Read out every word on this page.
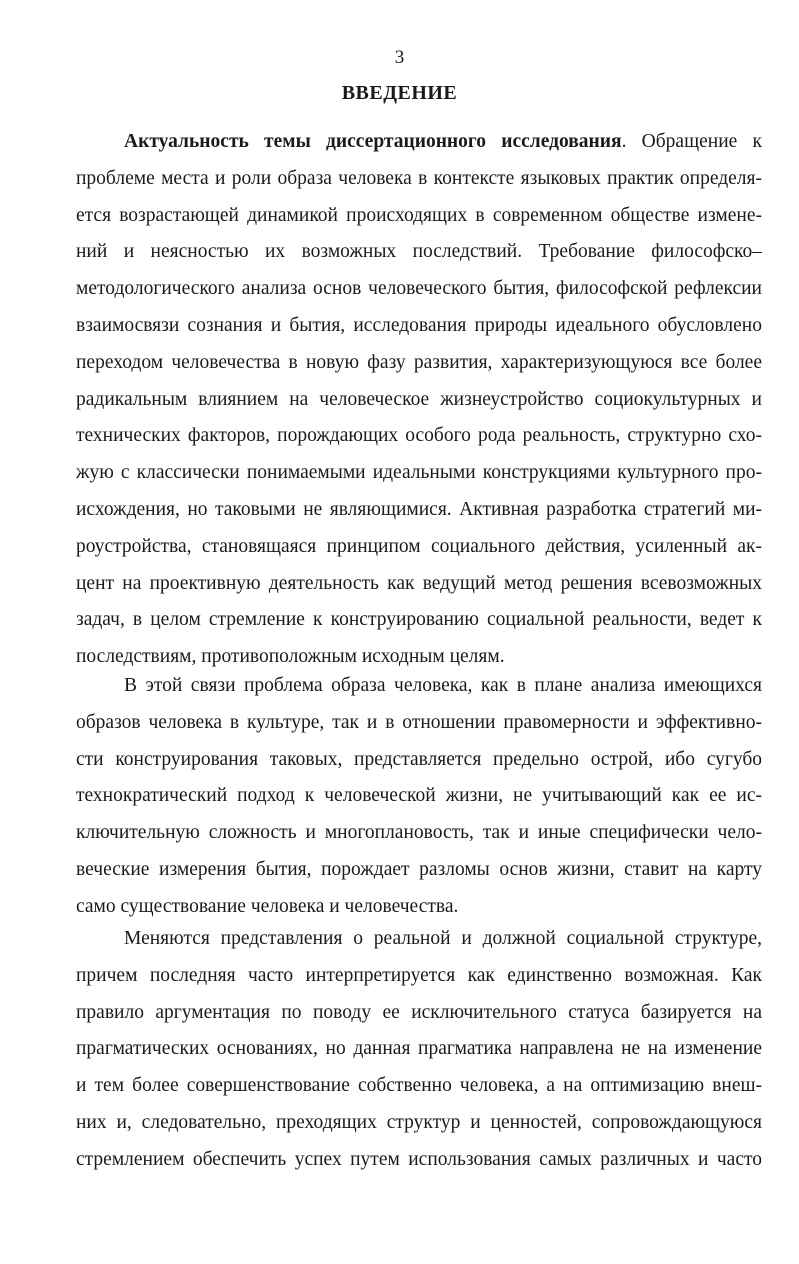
3
ВВЕДЕНИЕ
Актуальность темы диссертационного исследования. Обращение к
проблеме места и роли образа человека в контексте языковых практик определя-
ется возрастающей динамикой происходящих в современном обществе измене-
ний и неясностью их возможных последствий. Требование философско–
методологического анализа основ человеческого бытия, философской рефлексии
взаимосвязи сознания и бытия, исследования природы идеального обусловлено
переходом человечества в новую фазу развития, характеризующуюся все более
радикальным влиянием на человеческое жизнеустройство социокультурных и
технических факторов, порождающих особого рода реальность, структурно схо-
жую с классически понимаемыми идеальными конструкциями культурного про-
исхождения, но таковыми не являющимися. Активная разработка стратегий ми-
роустройства, становящаяся принципом социального действия, усиленный ак-
цент на проективную деятельность как ведущий метод решения всевозможных
задач, в целом стремление к конструированию социальной реальности, ведет к
последствиям, противоположным исходным целям.
В этой связи проблема образа человека, как в плане анализа имеющихся
образов человека в культуре, так и в отношении правомерности и эффективно-
сти конструирования таковых, представляется предельно острой, ибо сугубо
технократический подход к человеческой жизни, не учитывающий как ее ис-
ключительную сложность и многоплановость, так и иные специфически чело-
веческие измерения бытия, порождает разломы основ жизни, ставит на карту
само существование человека и человечества.
Меняются представления о реальной и должной социальной структуре,
причем последняя часто интерпретируется как единственно возможная. Как
правило аргументация по поводу ее исключительного статуса базируется на
прагматических основаниях, но данная прагматика направлена не на изменение
и тем более совершенствование собственно человека, а на оптимизацию внеш-
них и, следовательно, преходящих структур и ценностей, сопровождающуюся
стремлением обеспечить успех путем использования самых различных и часто
